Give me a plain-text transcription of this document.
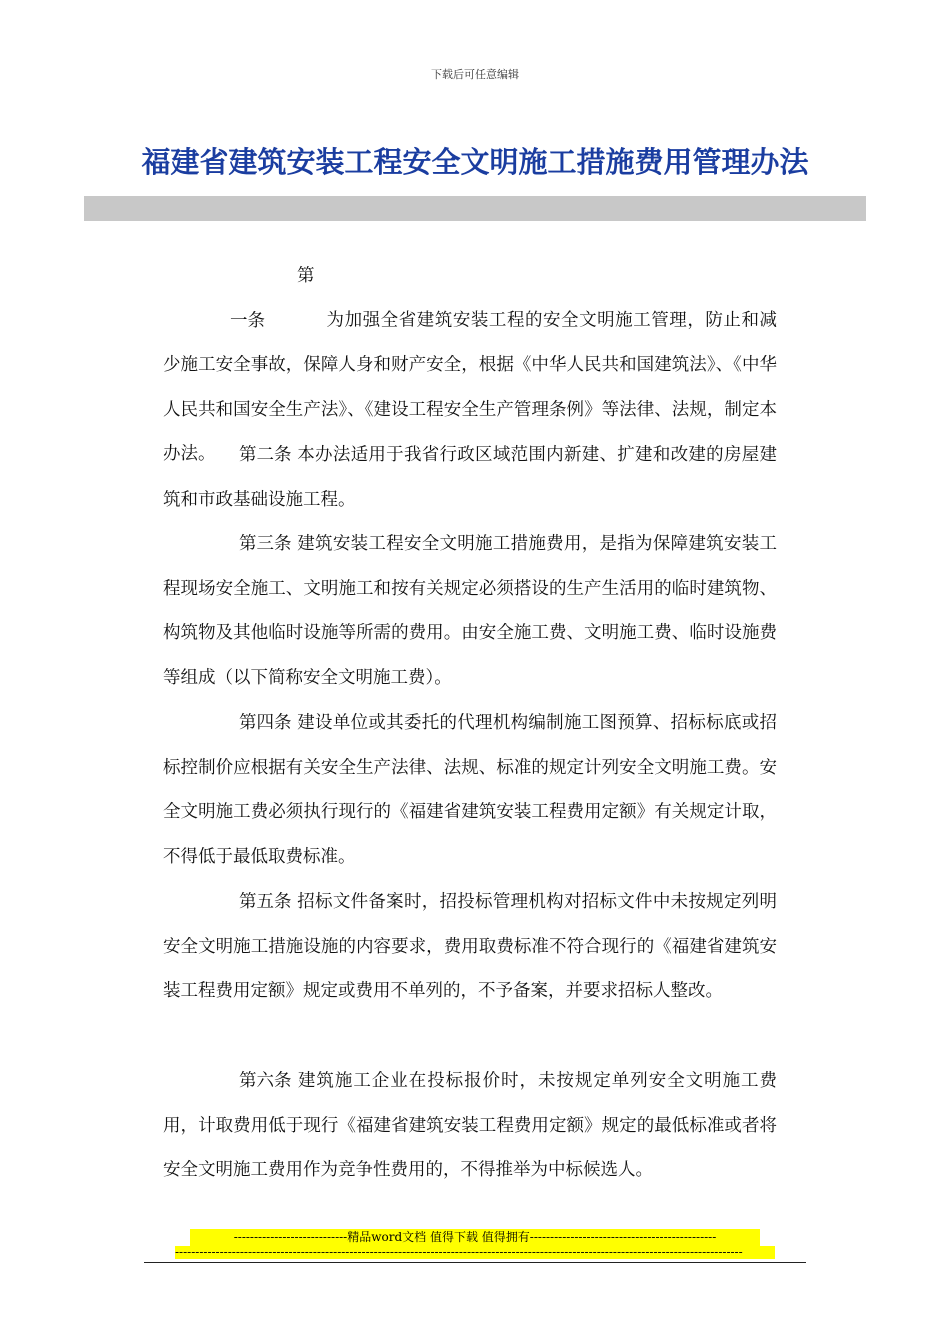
下载后可任意编辑
福建省建筑安装工程安全文明施工措施费用管理办法

第一条	为加强全省建筑安装工程的安全文明施工管理，防止和减少施工安全事故，保障人身和财产安全，根据《中华人民共和国建筑法》、《中华人民共和国安全生产法》、《建设工程安全生产管理条例》等法律、法规，制定本办法。	第二条 本办法适用于我省行政区域范围内新建、扩建和改建的房屋建筑和市政基础设施工程。

第三条 建筑安装工程安全文明施工措施费用，是指为保障建筑安装工程现场安全施工、文明施工和按有关规定必须搭设的生产生活用的临时建筑物、构筑物及其他临时设施等所需的费用。由安全施工费、文明施工费、临时设施费等组成（以下简称安全文明施工费）。

第四条 建设单位或其委托的代理机构编制施工图预算、招标标底或招标控制价应根据有关安全生产法律、法规、标准的规定计列安全文明施工费。安全文明施工费必须执行现行的《福建省建筑安装工程费用定额》有关规定计取，不得低于最低取费标准。

第五条 招标文件备案时，招投标管理机构对招标文件中未按规定列明安全文明施工措施设施的内容要求，费用取费标准不符合现行的《福建省建筑安装工程费用定额》规定或费用不单列的，不予备案，并要求招标人整改。

第六条 建筑施工企业在投标报价时，未按规定单列安全文明施工费用，计取费用低于现行《福建省建筑安装工程费用定额》规定的最低标准或者将安全文明施工费用作为竞争性费用的，不得推举为中标候选人。

----------------------------精品word文档 值得下载 值得拥有----------------------------------------------
--------------------------------------------------------------------------------------------------------------------------------------------
